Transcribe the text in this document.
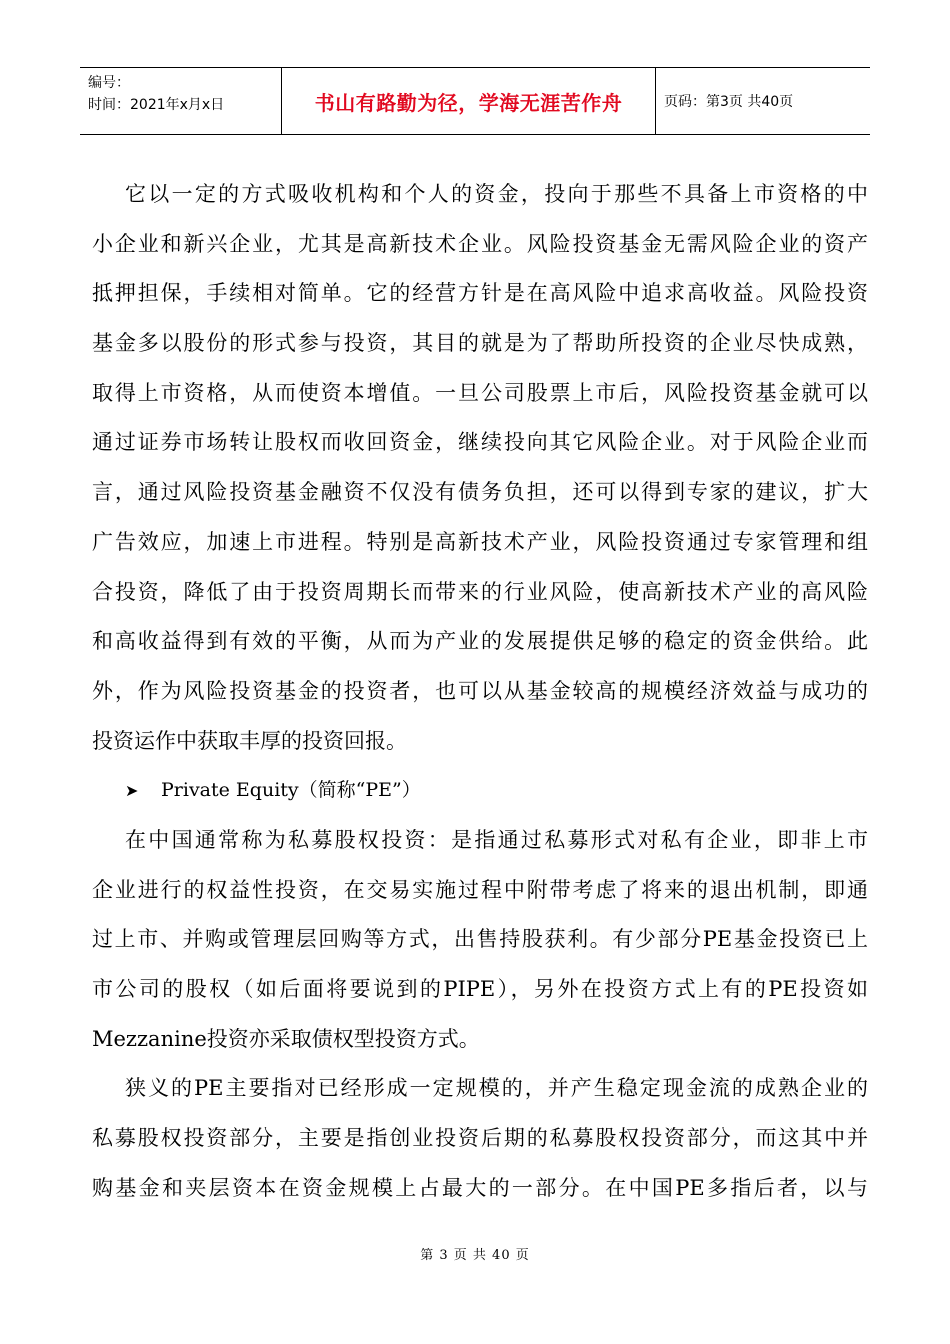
编号：
时间：2021年x月x日	书山有路勤为径，学海无涯苦作舟	页码：第3页 共40页
它以一定的方式吸收机构和个人的资金，投向于那些不具备上市资格的中
小企业和新兴企业，尤其是高新技术企业。风险投资基金无需风险企业的资产
抵押担保，手续相对简单。它的经营方针是在高风险中追求高收益。风险投资
基金多以股份的形式参与投资，其目的就是为了帮助所投资的企业尽快成熟，
取得上市资格，从而使资本增值。一旦公司股票上市后，风险投资基金就可以
通过证券市场转让股权而收回资金，继续投向其它风险企业。对于风险企业而
言，通过风险投资基金融资不仅没有债务负担，还可以得到专家的建议，扩大
广告效应，加速上市进程。特别是高新技术产业，风险投资通过专家管理和组
合投资，降低了由于投资周期长而带来的行业风险，使高新技术产业的高风险
和高收益得到有效的平衡，从而为产业的发展提供足够的稳定的资金供给。此
外，作为风险投资基金的投资者，也可以从基金较高的规模经济效益与成功的
投资运作中获取丰厚的投资回报。
➤	Private Equity（简称“PE”）
在中国通常称为私募股权投资：是指通过私募形式对私有企业，即非上市
企业进行的权益性投资，在交易实施过程中附带考虑了将来的退出机制，即通
过上市、并购或管理层回购等方式，出售持股获利。有少部分PE基金投资已上
市公司的股权（如后面将要说到的PIPE），另外在投资方式上有的PE投资如
Mezzanine投资亦采取债权型投资方式。
狭义的PE主要指对已经形成一定规模的，并产生稳定现金流的成熟企业的
私募股权投资部分，主要是指创业投资后期的私募股权投资部分，而这其中并
购基金和夹层资本在资金规模上占最大的一部分。在中国PE多指后者，以与
第 3 页 共 40 页
